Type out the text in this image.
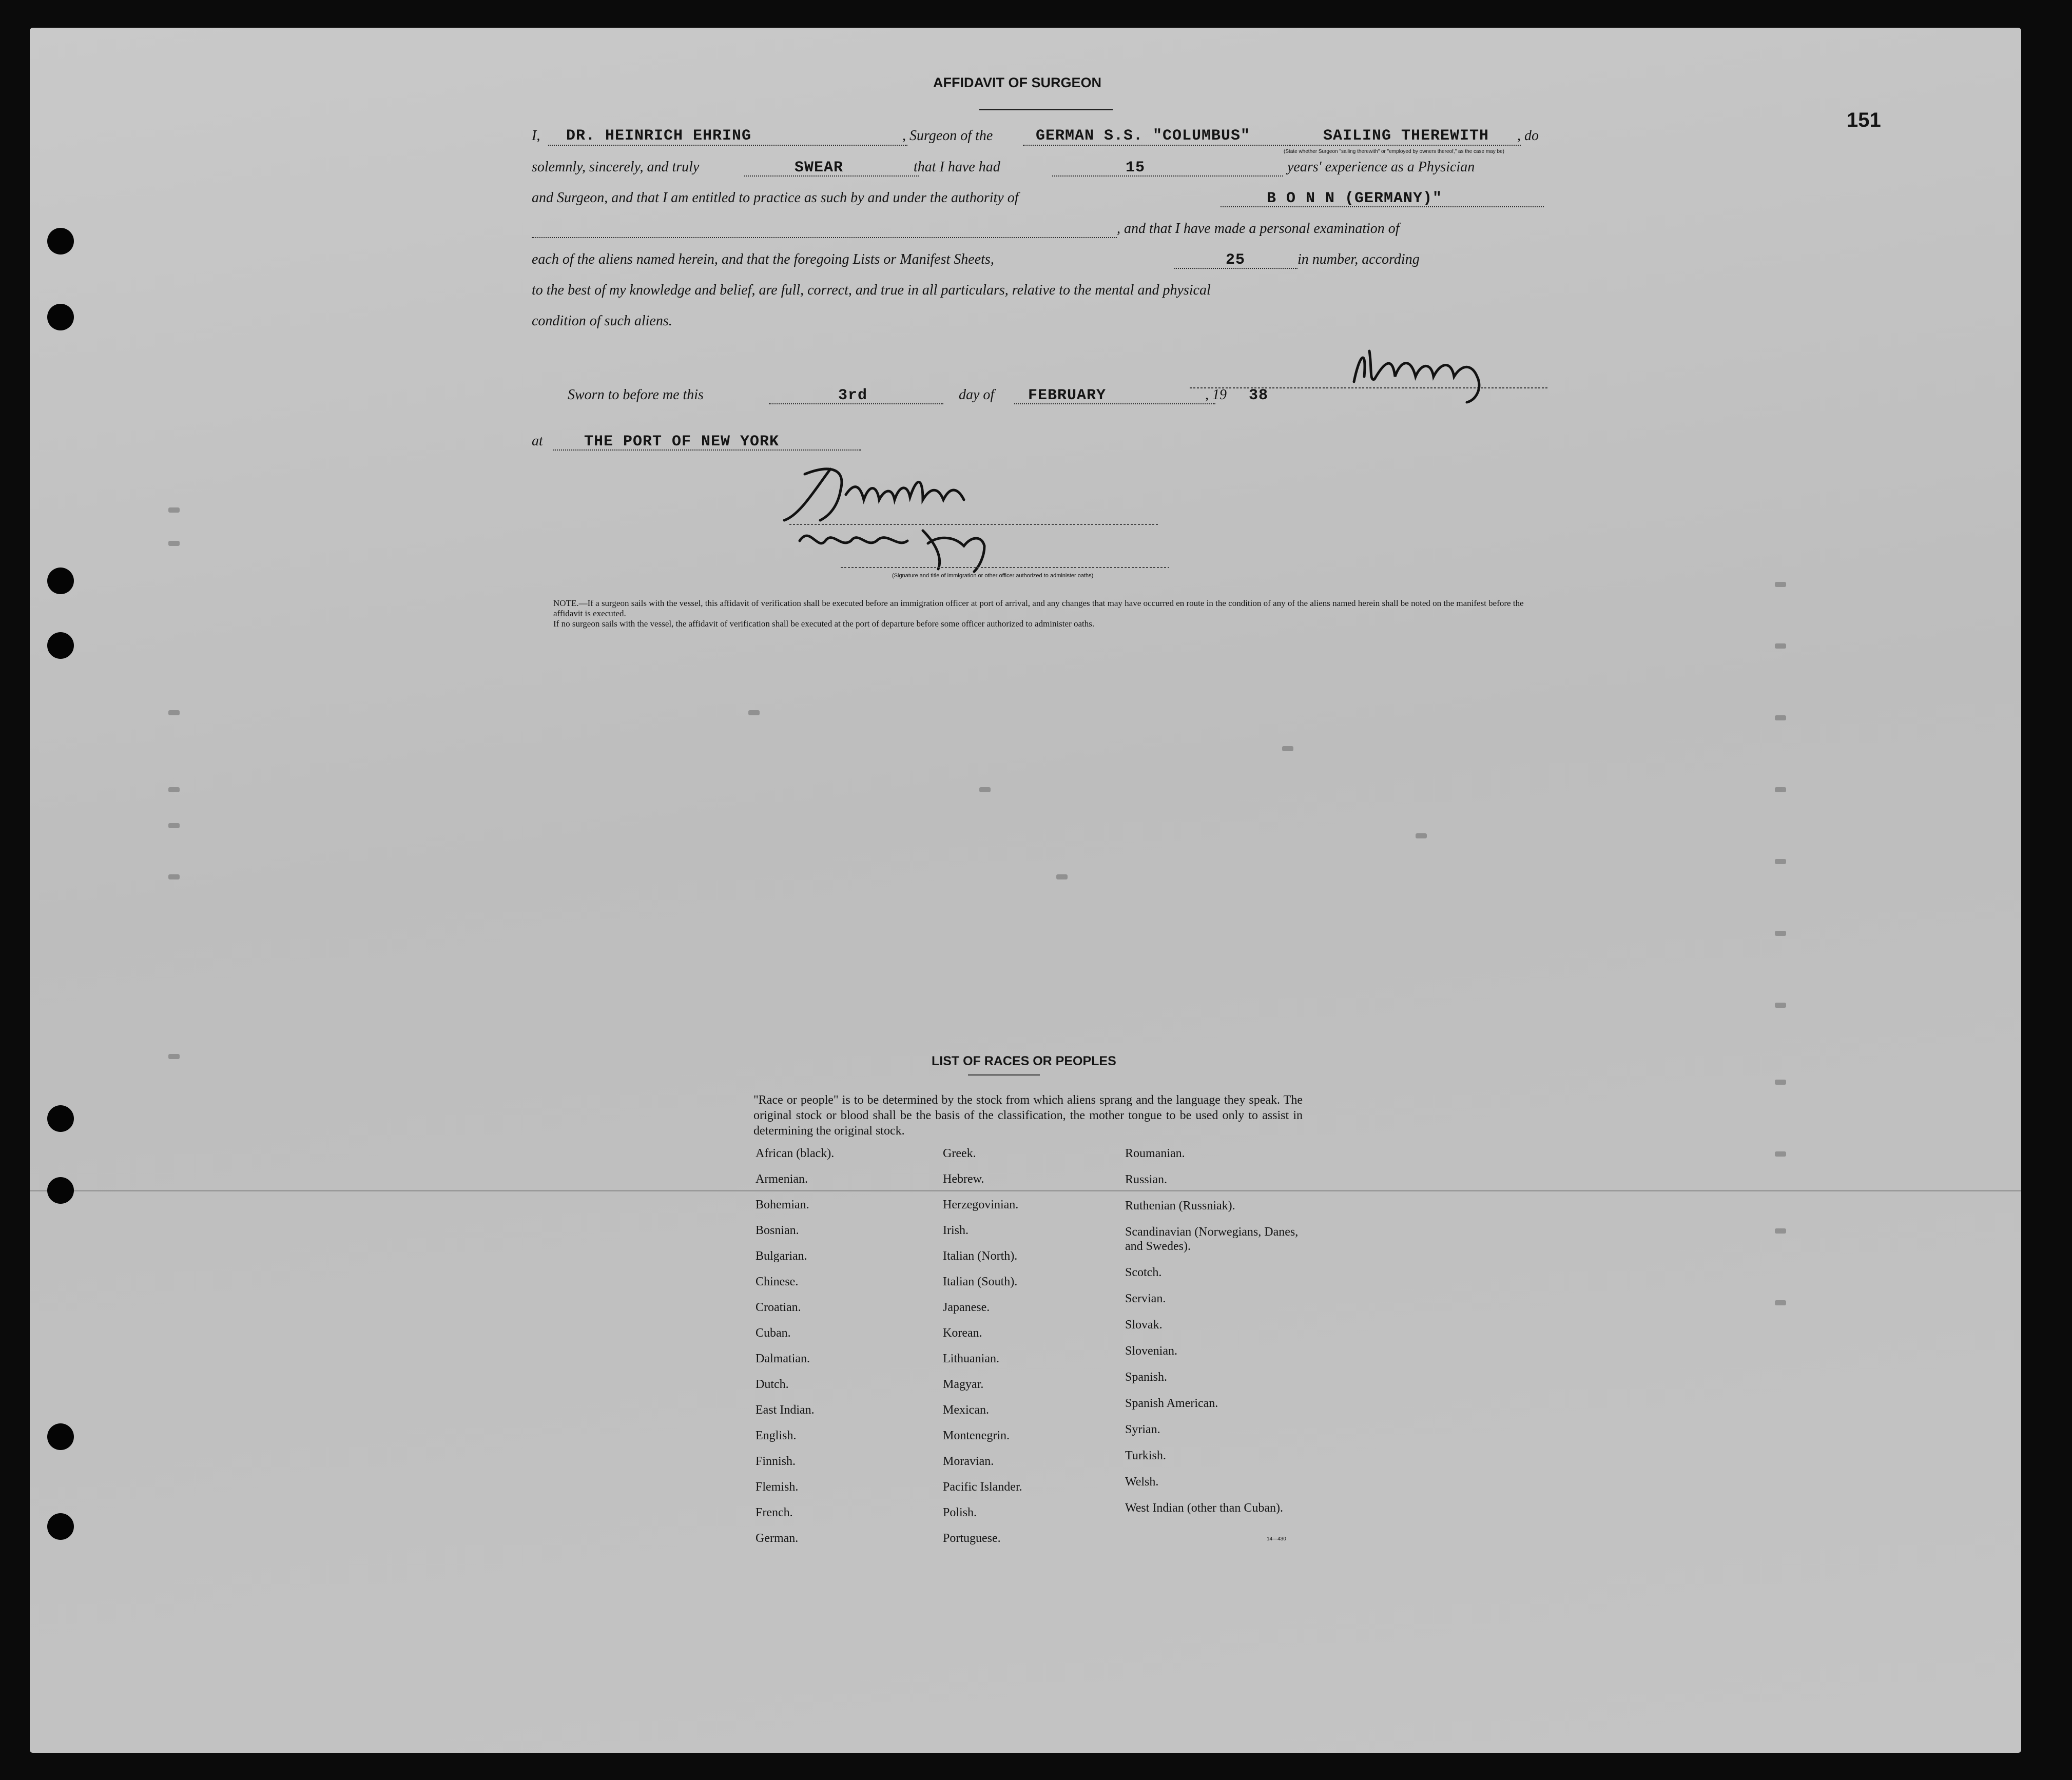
151
AFFIDAVIT OF SURGEON
I, DR. HEINRICH EHRING	, Surgeon of the	GERMAN S.S. "COLUMBUS"	SAILING THEREWITH , do
(State whether Surgeon "sailing therewith" or "employed by owners thereof," as the case may be)
solemnly, sincerely, and truly	SWEAR	that I have had	15	years' experience as a Physician
and Surgeon, and that I am entitled to practice as such by and under the authority of	B O N N (GERMANY)"
, and that I have made a personal examination of
each of the aliens named herein, and that the foregoing Lists or Manifest Sheets,	25	in number, according
to the best of my knowledge and belief, are full, correct, and true in all particulars, relative to the mental and physical
condition of such aliens.
Sworn to before me this	3rd	day of FEBRUARY	, 19 38
at	THE PORT OF NEW YORK
(Signature and title of immigration or other officer authorized to administer oaths)
NOTE.—If a surgeon sails with the vessel, this affidavit of verification shall be executed before an immigration officer at port of arrival, and any changes that may have occurred en route in the condition of any of the aliens named herein shall be noted on the manifest before the affidavit is executed.
If no surgeon sails with the vessel, the affidavit of verification shall be executed at the port of departure before some officer authorized to administer oaths.
LIST OF RACES OR PEOPLES
"Race or people" is to be determined by the stock from which aliens sprang and the language they speak. The original stock or blood shall be the basis of the classification, the mother tongue to be used only to assist in determining the original stock.
African (black).
Armenian.
Bohemian.
Bosnian.
Bulgarian.
Chinese.
Croatian.
Cuban.
Dalmatian.
Dutch.
East Indian.
English.
Finnish.
Flemish.
French.
German.
Greek.
Hebrew.
Herzegovinian.
Irish.
Italian (North).
Italian (South).
Japanese.
Korean.
Lithuanian.
Magyar.
Mexican.
Montenegrin.
Moravian.
Pacific Islander.
Polish.
Portuguese.
Roumanian.
Russian.
Ruthenian (Russniak).
Scandinavian (Norwegians, Danes, and Swedes).
Scotch.
Servian.
Slovak.
Slovenian.
Spanish.
Spanish American.
Syrian.
Turkish.
Welsh.
West Indian (other than Cuban).
14—430
